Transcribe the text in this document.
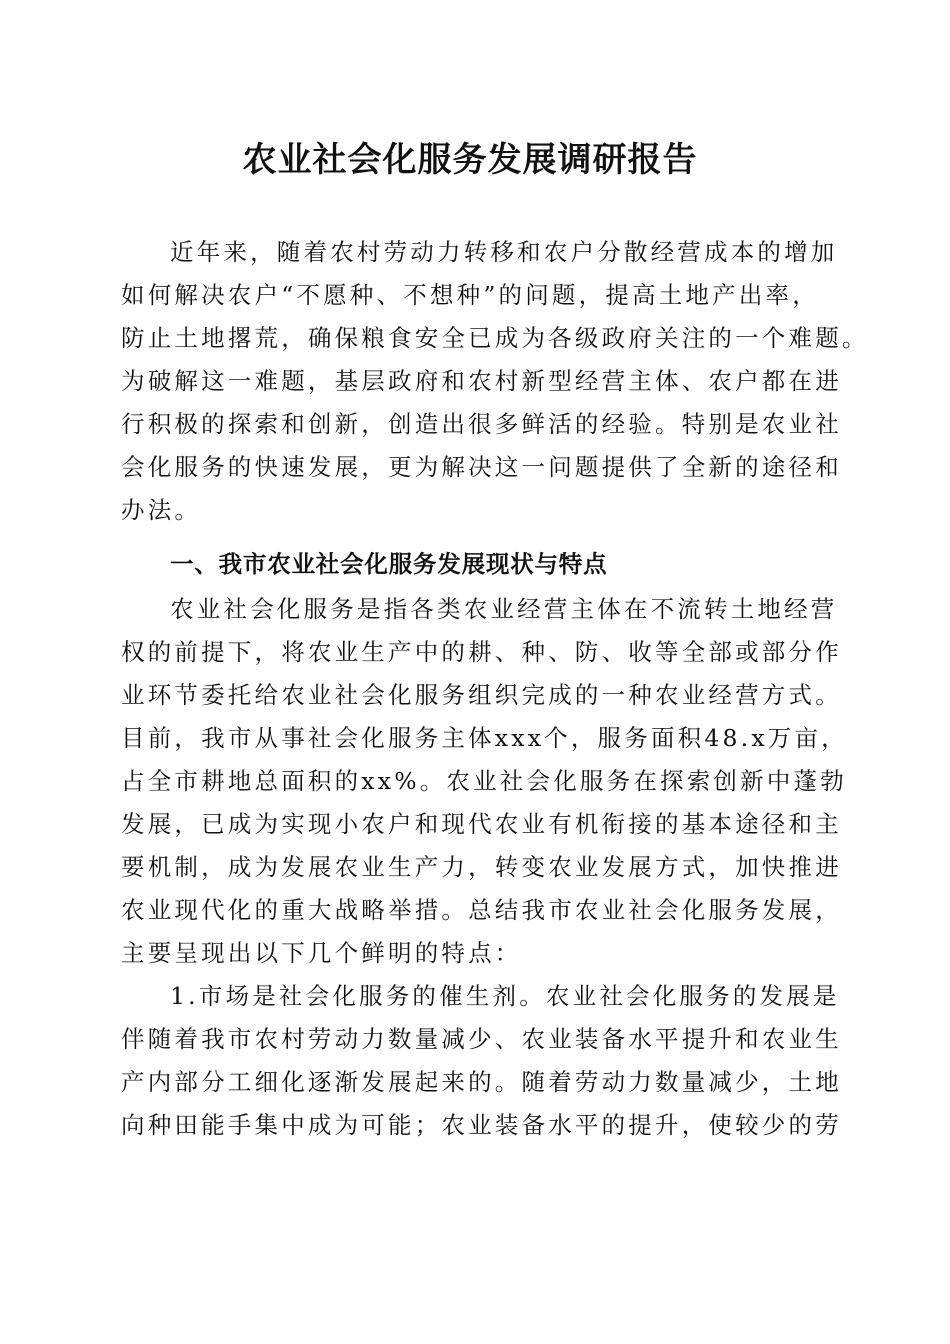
农业社会化服务发展调研报告
近年来，随着农村劳动力转移和农户分散经营成本的增加
如何解决农户“不愿种、不想种”的问题，提高土地产出率，
防止土地撂荒，确保粮食安全已成为各级政府关注的一个难题。
为破解这一难题，基层政府和农村新型经营主体、农户都在进
行积极的探索和创新，创造出很多鲜活的经验。特别是农业社
会化服务的快速发展，更为解决这一问题提供了全新的途径和
办法。
一、我市农业社会化服务发展现状与特点
农业社会化服务是指各类农业经营主体在不流转土地经营
权的前提下，将农业生产中的耕、种、防、收等全部或部分作
业环节委托给农业社会化服务组织完成的一种农业经营方式。
目前，我市从事社会化服务主体xxx个，服务面积48.x万亩，
占全市耕地总面积的xx%。农业社会化服务在探索创新中蓬勃
发展，已成为实现小农户和现代农业有机衔接的基本途径和主
要机制，成为发展农业生产力，转变农业发展方式，加快推进
农业现代化的重大战略举措。总结我市农业社会化服务发展，
主要呈现出以下几个鲜明的特点：
1.市场是社会化服务的催生剂。农业社会化服务的发展是
伴随着我市农村劳动力数量减少、农业装备水平提升和农业生
产内部分工细化逐渐发展起来的。随着劳动力数量减少，土地
向种田能手集中成为可能；农业装备水平的提升，使较少的劳
